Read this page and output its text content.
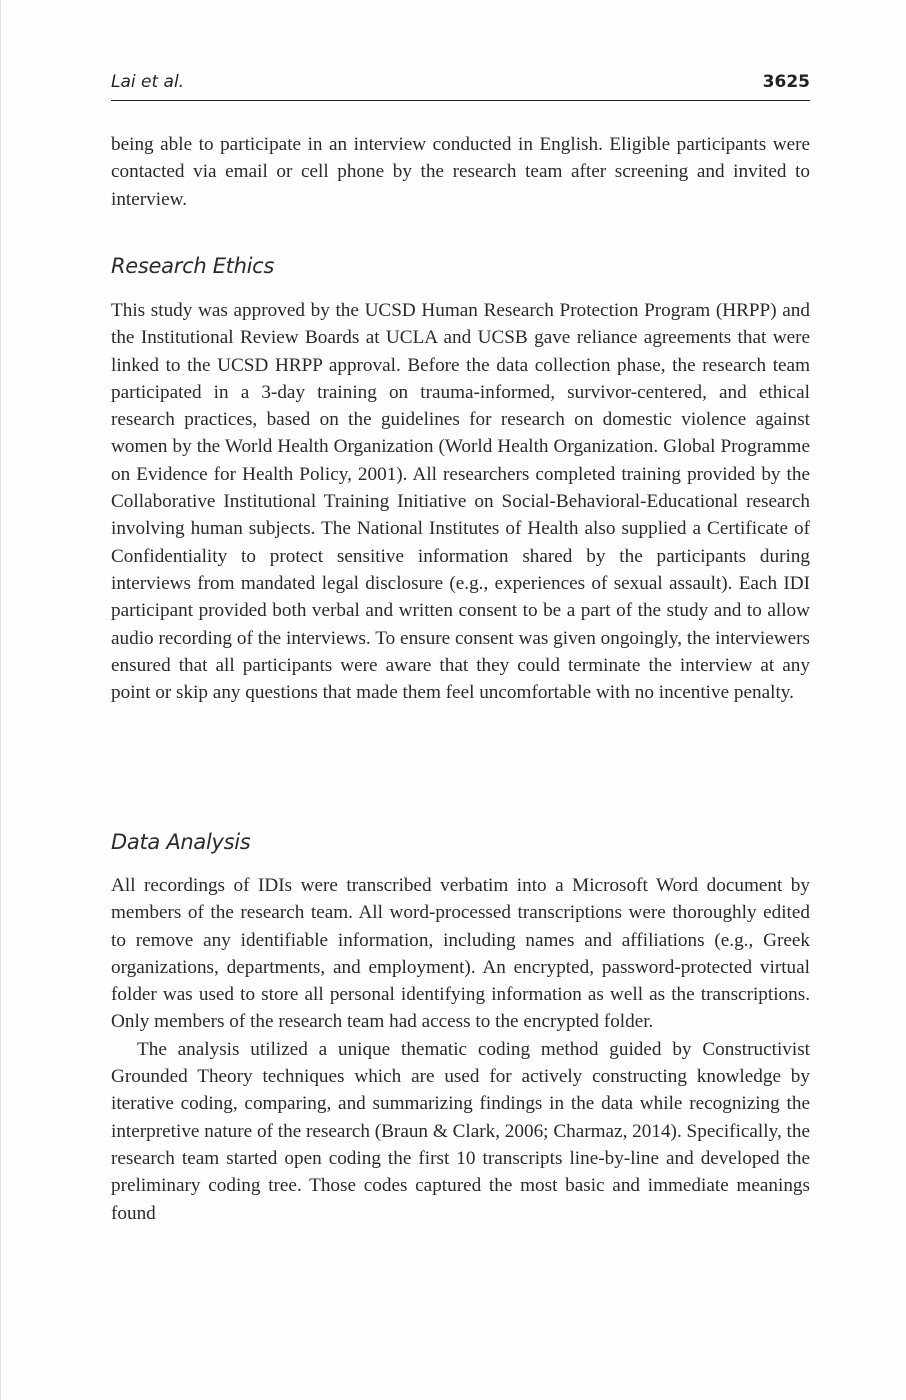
Lai et al.	3625

being able to participate in an interview conducted in English. Eligible participants were contacted via email or cell phone by the research team after screening and invited to interview.

Research Ethics

This study was approved by the UCSD Human Research Protection Program (HRPP) and the Institutional Review Boards at UCLA and UCSB gave reliance agreements that were linked to the UCSD HRPP approval. Before the data collection phase, the research team participated in a 3-day training on trauma-informed, survivor-centered, and ethical research practices, based on the guidelines for research on domestic violence against women by the World Health Organization (World Health Organization. Global Programme on Evidence for Health Policy, 2001). All researchers completed training provided by the Collaborative Institutional Training Initiative on Social-Behavioral-Educational research involving human subjects. The National Institutes of Health also supplied a Certificate of Confidentiality to protect sensitive information shared by the participants during interviews from mandated legal disclosure (e.g., experiences of sexual assault). Each IDI participant provided both verbal and written consent to be a part of the study and to allow audio recording of the interviews. To ensure consent was given ongoingly, the interviewers ensured that all participants were aware that they could terminate the interview at any point or skip any questions that made them feel uncomfortable with no incentive penalty.

Data Analysis

All recordings of IDIs were transcribed verbatim into a Microsoft Word document by members of the research team. All word-processed transcriptions were thoroughly edited to remove any identifiable information, including names and affiliations (e.g., Greek organizations, departments, and employment). An encrypted, password-protected virtual folder was used to store all personal identifying information as well as the transcriptions. Only members of the research team had access to the encrypted folder.

The analysis utilized a unique thematic coding method guided by Constructivist Grounded Theory techniques which are used for actively constructing knowledge by iterative coding, comparing, and summarizing findings in the data while recognizing the interpretive nature of the research (Braun & Clark, 2006; Charmaz, 2014). Specifically, the research team started open coding the first 10 transcripts line-by-line and developed the preliminary coding tree. Those codes captured the most basic and immediate meanings found
